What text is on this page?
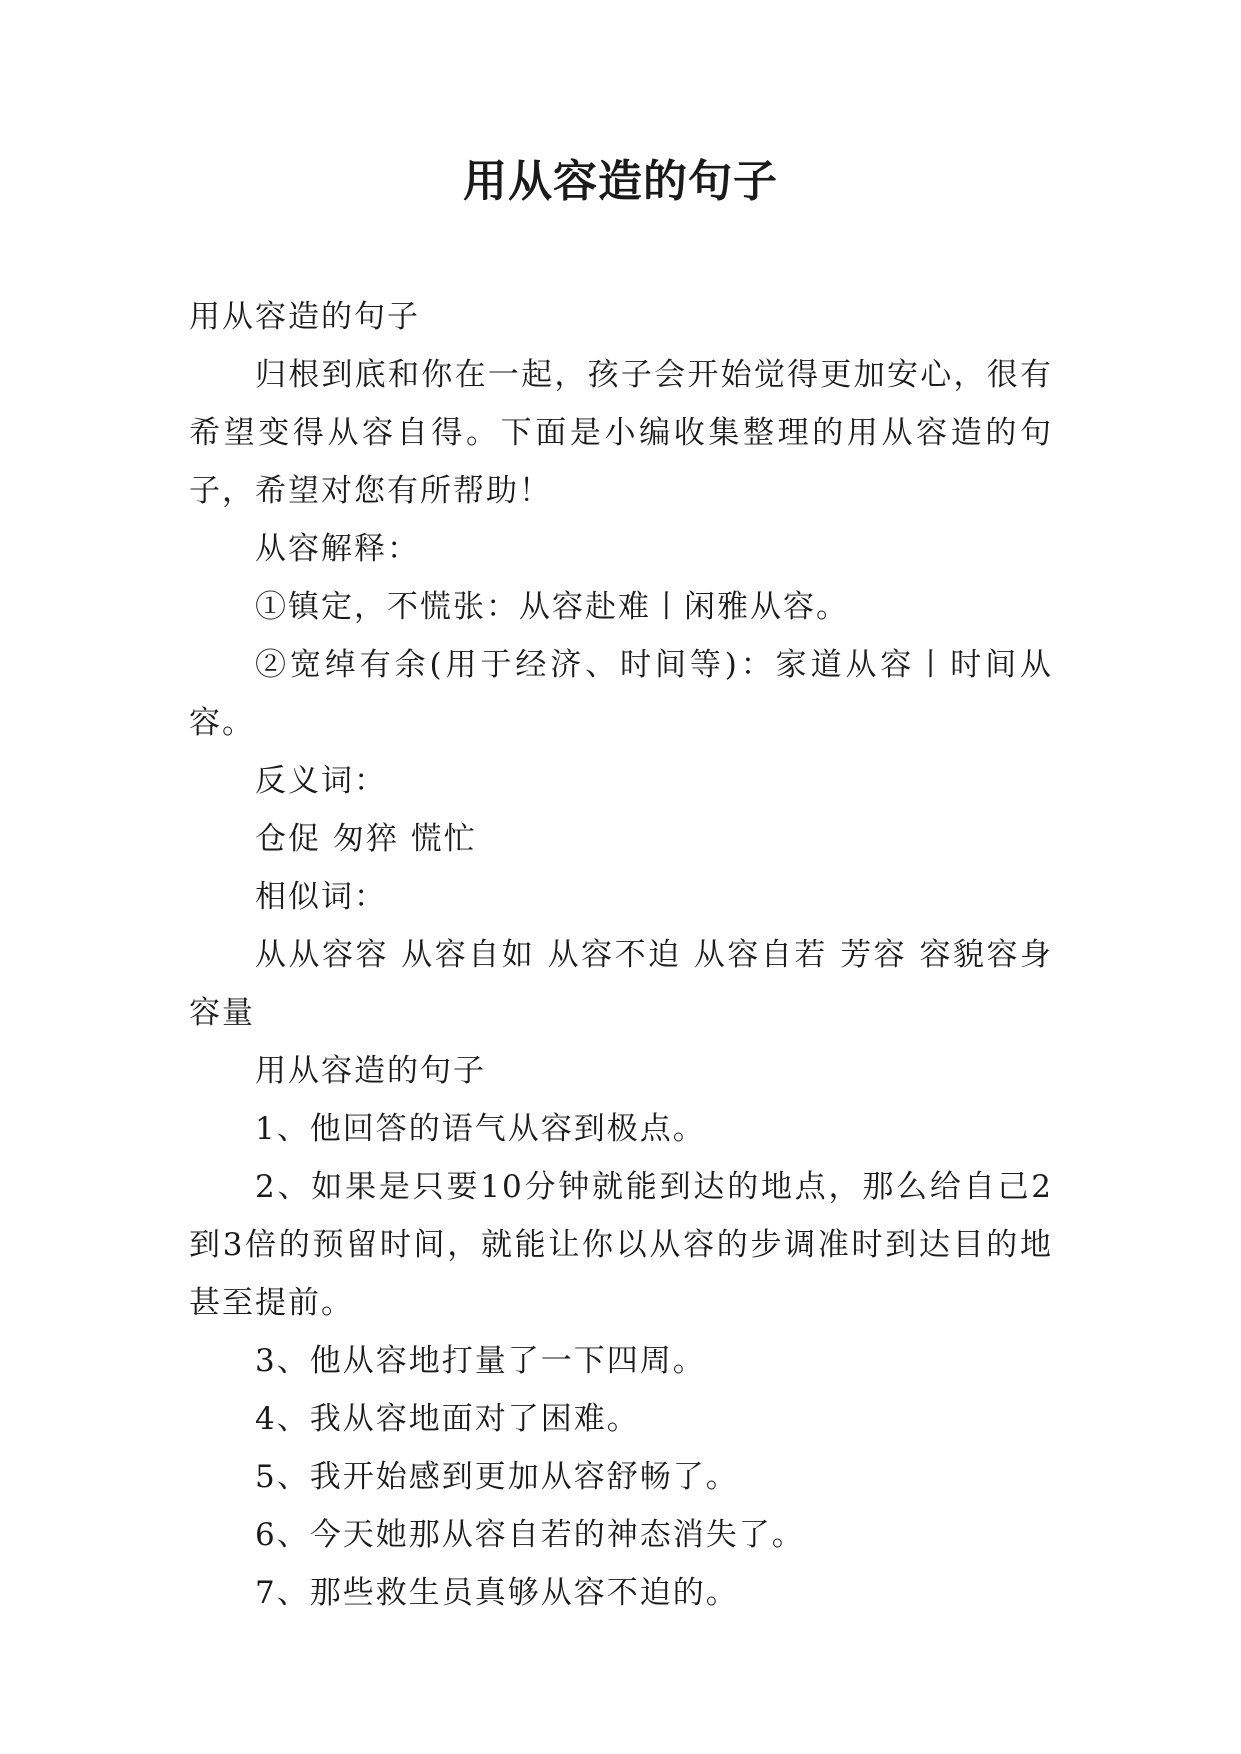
用从容造的句子

用从容造的句子

归根到底和你在一起，孩子会开始觉得更加安心，很有希望变得从容自得。下面是小编收集整理的用从容造的句子，希望对您有所帮助！

从容解释：

①镇定，不慌张：从容赴难丨闲雅从容。

②宽绰有余(用于经济、时间等)：家道从容丨时间从容。

反义词：

仓促 匆猝 慌忙

相似词：

从从容容 从容自如 从容不迫 从容自若 芳容 容貌容身 容量

用从容造的句子

1、他回答的语气从容到极点。

2、如果是只要10分钟就能到达的地点，那么给自己2到3倍的预留时间，就能让你以从容的步调准时到达目的地甚至提前。

3、他从容地打量了一下四周。

4、我从容地面对了困难。

5、我开始感到更加从容舒畅了。

6、今天她那从容自若的神态消失了。

7、那些救生员真够从容不迫的。
